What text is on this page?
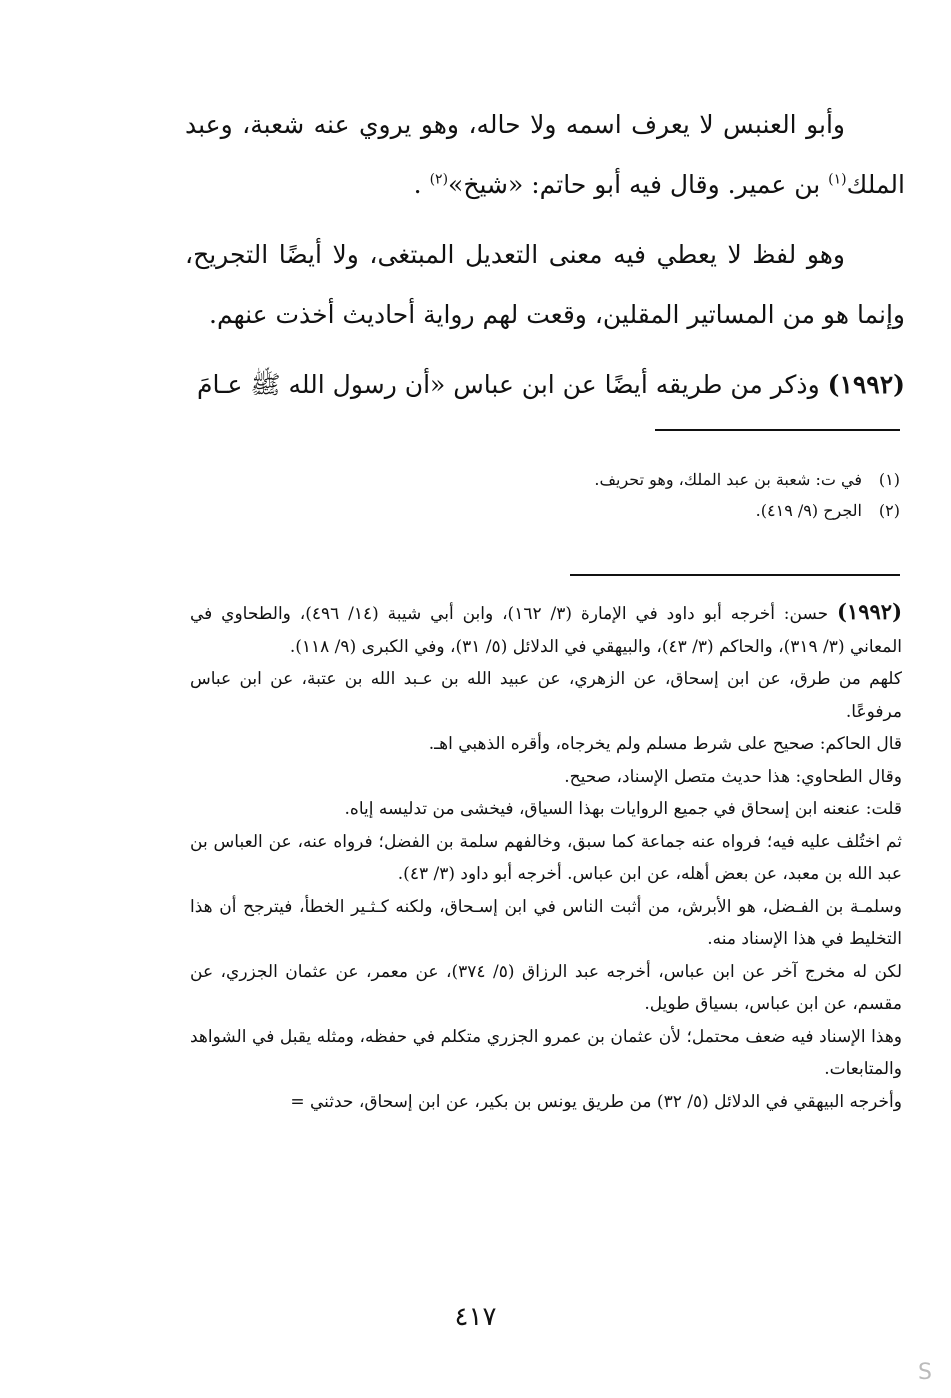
وأبو العنبس لا يعرف اسمه ولا حاله، وهو يروي عنه شعبة، وعبد الملك$^{(١)}$ بن عمير. وقال فيه أبو حاتم: «شيخ»$^{(٢)}$ .

وهو لفظ لا يعطي فيه معنى التعديل المبتغى، ولا أيضًا التجريح، وإنما هو من المساتير المقلين، وقعت لهم رواية أحاديث أخذت عنهم.

(١٩٩٢) وذكر من طريقه أيضًا عن ابن عباس «أن رسول الله ﷺ عـامَ

(١)
في ت: شعبة بن عبد الملك، وهو تحريف.
(٢)
الجرح (٩/ ٤١٩).

(١٩٩٢) حسن: أخرجه أبو داود في الإمارة (٣/ ١٦٢)، وابن أبي شيبة (١٤/ ٤٩٦)، والطحاوي في المعاني (٣/ ٣١٩)، والحاكم (٣/ ٤٣)، والبيهقي في الدلائل (٥/ ٣١)، وفي الكبرى (٩/ ١١٨).

كلهم من طرق، عن ابن إسحاق، عن الزهري، عن عبيد الله بن عـبد الله بن عتبة، عن ابن عباس مرفوعًا.

قال الحاكم: صحيح على شرط مسلم ولم يخرجاه، وأقره الذهبي اهـ.

وقال الطحاوي: هذا حديث متصل الإسناد، صحيح.

قلت: عنعنه ابن إسحاق في جميع الروايات بهذا السياق، فيخشى من تدليسه إياه.

ثم اختُلف عليه فيه؛ فرواه عنه جماعة كما سبق، وخالفهم سلمة بن الفضل؛ فرواه عنه، عن العباس بن عبد الله بن معبد، عن بعض أهله، عن ابن عباس. أخرجه أبو داود (٣/ ٤٣).

وسلمـة بن الفـضل، هو الأبرش، من أثبت الناس في ابن إسـحاق، ولكنه كـثـير الخطأ، فيترجح أن هذا التخليط في هذا الإسناد منه.

لكن له مخرج آخر عن ابن عباس، أخرجه عبد الرزاق (٥/ ٣٧٤)، عن معمر، عن عثمان الجزري، عن مقسم، عن ابن عباس، بسياق طويل.

وهذا الإسناد فيه ضعف محتمل؛ لأن عثمان بن عمرو الجزري متكلم في حفظه، ومثله يقبل في الشواهد والمتابعات.

وأخرجه البيهقي في الدلائل (٥/ ٣٢) من طريق يونس بن بكير، عن ابن إسحاق، حدثني =

٤١٧
S
